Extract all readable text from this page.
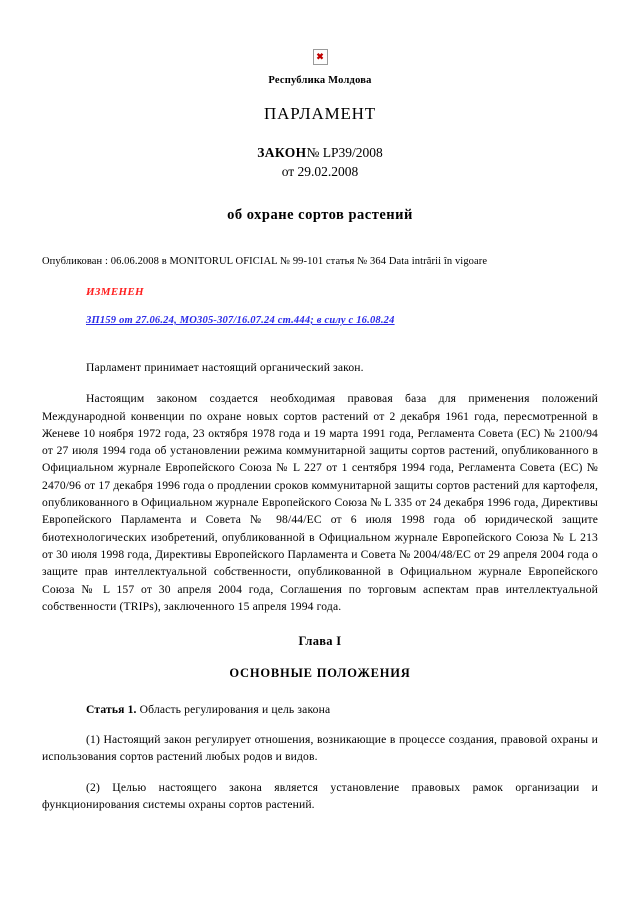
✖
Республика Молдова
ПАРЛАМЕНТ
ЗАКОН№ LP39/2008
от 29.02.2008
об охране сортов растений
Опубликован : 06.06.2008 в MONITORUL OFICIAL № 99-101 статья № 364 Data intrării în vigoare
ИЗМЕНЕН
ЗП159 от 27.06.24, МО305-307/16.07.24 ст.444; в силу с 16.08.24

Парламент принимает настоящий органический закон.

Настоящим законом создается необходимая правовая база для применения положений Международной конвенции по охране новых сортов растений от 2 декабря 1961 года, пересмотренной в Женеве 10 ноября 1972 года, 23 октября 1978 года и 19 марта 1991 года, Регламента Совета (ЕС) № 2100/94 от 27 июля 1994 года об установлении режима коммунитарной защиты сортов растений, опубликованного в Официальном журнале Европейского Союза № L 227 от 1 сентября 1994 года, Регламента Совета (ЕС) № 2470/96 от 17 декабря 1996 года о продлении сроков коммунитарной защиты сортов растений для картофеля, опубликованного в Официальном журнале Европейского Союза № L 335 от 24 декабря 1996 года, Директивы Европейского Парламента и Совета № 98/44/ЕС от 6 июля 1998 года об юридической защите биотехнологических изобретений, опубликованной в Официальном журнале Европейского Союза № L 213 от 30 июля 1998 года, Директивы Европейского Парламента и Совета № 2004/48/ЕС от 29 апреля 2004 года о защите прав интеллектуальной собственности, опубликованной в Официальном журнале Европейского Союза № L 157 от 30 апреля 2004 года, Соглашения по торговым аспектам прав интеллектуальной собственности (TRIPs), заключенного 15 апреля 1994 года.

Глава I
ОСНОВНЫЕ ПОЛОЖЕНИЯ
Статья 1. Область регулирования и цель закона

(1) Настоящий закон регулирует отношения, возникающие в процессе создания, правовой охраны и использования сортов растений любых родов и видов.

(2) Целью настоящего закона является установление правовых рамок организации и функционирования системы охраны сортов растений.
